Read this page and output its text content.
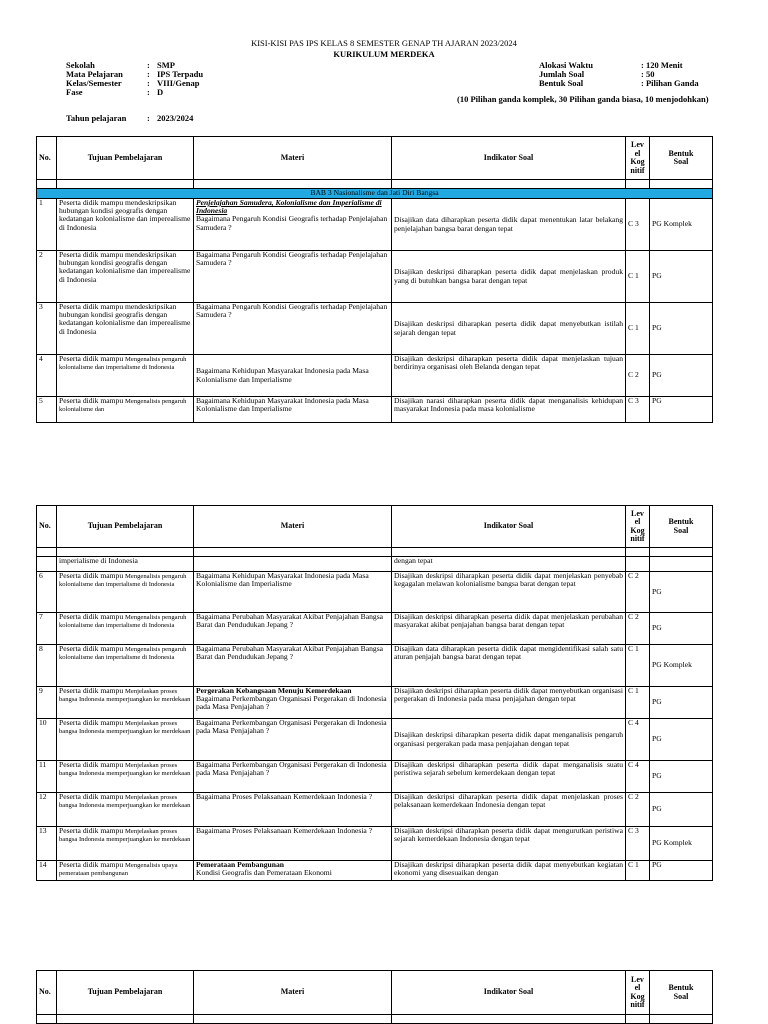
KISI-KISI PAS IPS KELAS 8 SEMESTER GENAP TH AJARAN 2023/2024
KURIKULUM MERDEKA
Sekolah	: SMP
Mata Pelajaran	: IPS Terpadu
Kelas/Semester	: VIII/Genap
Fase	: D
Alokasi Waktu	: 120 Menit
Jumlah Soal	: 50
Bentuk Soal	: Pilihan Ganda
(10 Pilihan ganda komplek, 30 Pilihan ganda biasa, 10 menjodohkan)
Tahun pelajaran	: 2023/2024
No.	Tujuan Pembelajaran	Materi	Indikator Soal	Lev
el
Kog
nitif	Bentuk
Soal

BAB 3 Nasionalisme dan Jati Diri Bangsa					
1	Peserta didik mampu mendeskripsikan hubungan kondisi geografis dengan kedatangan kolonialisme dan imperealisme di Indonesia	Penjelajahan Samudera, Kolonialisme dan Imperialisme di Indonesia
Bagaimana Pengaruh Kondisi Geografis terhadap Penjelajahan Samudera ?	Disajikan data diharapkan peserta didik dapat menentukan latar belakang penjelajahan bangsa barat dengan tepat	C 3	PG Komplek
2	Peserta didik mampu mendeskripsikan hubungan kondisi geografis dengan kedatangan kolonialisme dan imperealisme di Indonesia	Bagaimana Pengaruh Kondisi Geografis terhadap Penjelajahan Samudera ?	Disajikan deskripsi diharapkan peserta didik dapat menjelaskan produk yang di butuhkan bangsa barat dengan tepat	C 1	PG
3	Peserta didik mampu mendeskripsikan hubungan kondisi geografis dengan kedatangan kolonialisme dan imperealisme di Indonesia	Bagaimana Pengaruh Kondisi Geografis terhadap Penjelajahan Samudera ?	Disajikan deskripsi diharapkan peserta didik dapat menyebutkan istilah sejarah dengan tepat	C 1	PG
4	Peserta didik mampu Mengenalisis pengaruh kolonialisme dan imperialisme di Indonesia	Bagaimana Kehidupan Masyarakat Indonesia pada Masa Kolonialisme dan Imperialisme	Disajikan deskripsi diharapkan peserta didik dapat menjelaskan tujuan berdirinya organisasi oleh Belanda dengan tepat	C 2	PG
5	Peserta didik mampu Mengenalisis pengaruh kolonialisme dan	Bagaimana Kehidupan Masyarakat Indonesia pada Masa Kolonialisme dan Imperialisme	Disajikan narasi diharapkan peserta didik dapat menganalisis kehidupan masyarakat Indonesia pada masa kolonialisme	C 3	PG
No.	Tujuan Pembelajaran	Materi	Indikator Soal	Lev
el
Kog
nitif	Bentuk
Soal

	imperialisme di Indonesia		dengan tepat		
6	Peserta didik mampu Mengenalisis pengaruh kolonialisme dan imperialisme di Indonesia	Bagaimana Kehidupan Masyarakat Indonesia pada Masa Kolonialisme dan Imperialisme	Disajikan deskripsi diharapkan peserta didik dapat menjelaskan penyebab kegagalan melawan kolonialisme bangsa barat dengan tepat	C 2	PG
7	Peserta didik mampu Mengenalisis pengaruh kolonialisme dan imperialisme di Indonesia	Bagaimana Perubahan Masyarakat Akibat Penjajahan Bangsa Barat dan Pendudukan Jepang ?	Disajikan deskripsi diharapkan peserta didik dapat menjelaskan perubahan masyarakat akibat penjajahan bangsa barat dengan tepat	C 2	PG
8	Peserta didik mampu Mengenalisis pengaruh kolonialisme dan imperialisme di Indonesia	Bagaimana Perubahan Masyarakat Akibat Penjajahan Bangsa Barat dan Pendudukan Jepang ?	Disajikan data diharapkan peserta didik dapat mengidentifikasi salah satu aturan penjajah bangsa barat dengan tepat	C 1	PG Komplek
9	Peserta didik mampu Menjelaskan proses bangsa Indonesia memperjuangkan ke merdekaan	Pergerakan Kebangsaan Menuju Kemerdekaan
Bagaimana Perkembangan Organisasi Pergerakan di Indonesia pada Masa Penjajahan ?	Disajikan deskripsi diharapkan peserta didik dapat menyebutkan organisasi pergerakan di Indonesia pada masa penjajahan dengan tepat	C 1	PG
10	Peserta didik mampu Menjelaskan proses bangsa Indonesia memperjuangkan ke merdekaan	Bagaimana Perkembangan Organisasi Pergerakan di Indonesia pada Masa Penjajahan ?	Disajikan deskripsi diharapkan peserta didik dapat menganalisis pengaruh organisasi pergerakan pada masa penjajahan dengan tepat	C 4	PG
11	Peserta didik mampu Menjelaskan proses bangsa Indonesia memperjuangkan ke merdekaan	Bagaimana Perkembangan Organisasi Pergerakan di Indonesia pada Masa Penjajahan ?	Disajikan deskripsi diharapkan peserta didik dapat menganalisis suatu peristiwa sejarah sebelum kemerdekaan dengan tepat	C 4	PG
12	Peserta didik mampu Menjelaskan proses bangsa Indonesia memperjuangkan ke merdekaan	Bagaimana Proses Pelaksanaan Kemerdekaan Indonesia ?	Disajikan deskripsi diharapkan peserta didik dapat menjelaskan proses pelaksanaan kemerdekaan Indonesia dengan tepat	C 2	PG
13	Peserta didik mampu Menjelaskan proses bangsa Indonesia memperjuangkan ke merdekaan	Bagaimana Proses Pelaksanaan Kemerdekaan Indonesia ?	Disajikan deskripsi diharapkan peserta didik dapat mengurutkan peristiwa sejarah kemerdekaan Indonesia dengan tepat	C 3	PG Komplek
14	Peserta didik mampu Mengenalisis upaya pemerataan pembangunan	Pemerataan Pembangunan
Kondisi Geografis dan Pemerataan Ekonomi	Disajikan deskripsi diharapkan peserta didik dapat menyebutkan kegiatan ekonomi yang disesuaikan dengan	C 1	PG
No.	Tujuan Pembelajaran	Materi	Indikator Soal	Lev
el
Kog
nitif	Bentuk
Soal
